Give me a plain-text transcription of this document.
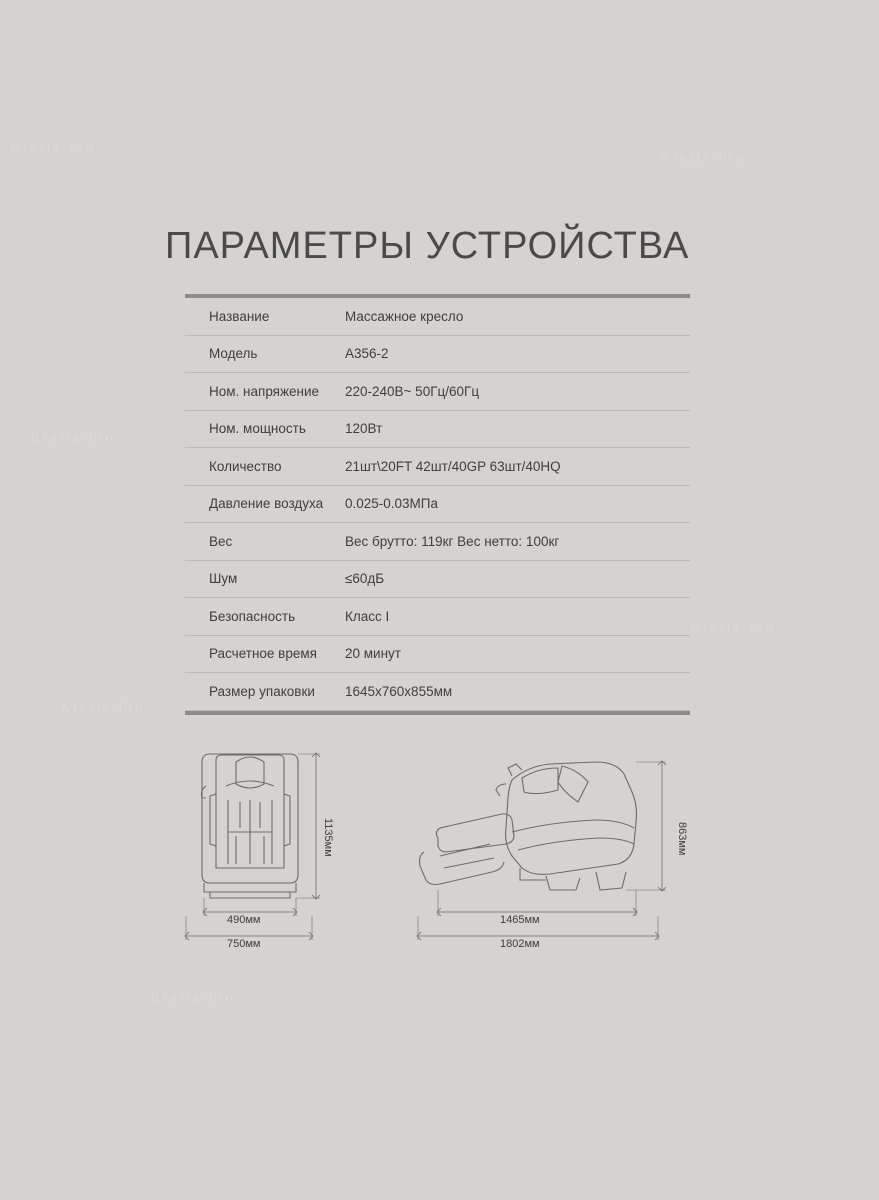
Kresla-Pro
Kresla-Pro
Kresla-Pro
Kresla-Pro
Kresla-Pro
Kresla-Pro
ПАРАМЕТРЫ УСТРОЙСТВА
Название	Массажное кресло
Модель	A356-2
Ном. напряжение	220-240В~ 50Гц/60Гц
Ном. мощность	120Вт
Количество	21шт\20FT 42шт/40GP 63шт/40HQ
Давление воздуха	0.025-0.03МПа
Вес	Вес брутто: 119кг Вес нетто: 100кг
Шум	≤60дБ
Безопасность	Класс I
Расчетное время	20 минут
Размер упаковки	1645x760x855мм
1135мм
490мм
750мм
863мм
1465мм
1802мм
